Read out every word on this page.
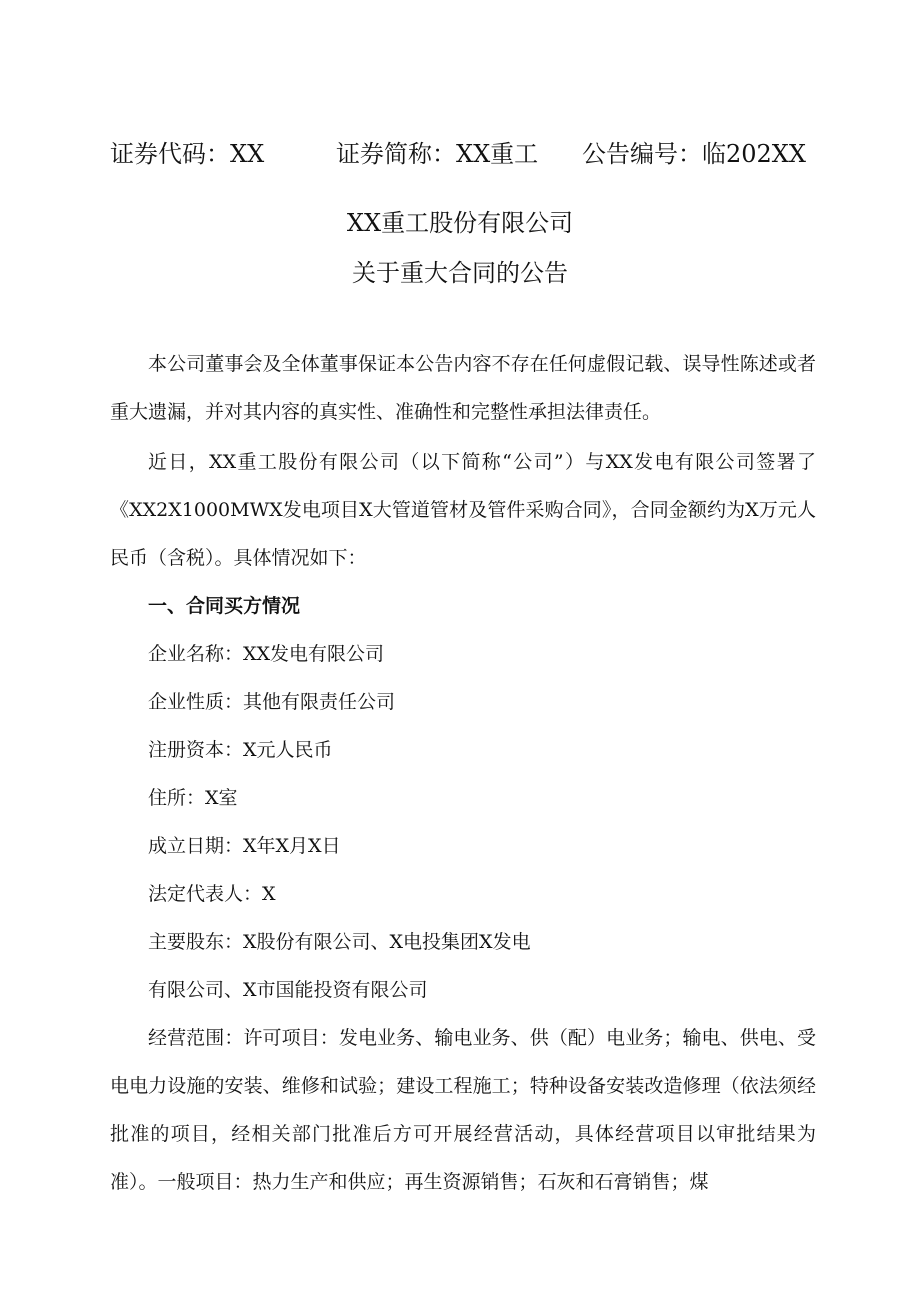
证券代码：XX	证券简称：XX重工 公告编号：临202XX
XX重工股份有限公司
关于重大合同的公告

本公司董事会及全体董事保证本公告内容不存在任何虚假记载、误导性陈述或者重大遗漏，并对其内容的真实性、准确性和完整性承担法律责任。

近日，XX重工股份有限公司（以下简称“公司”）与XX发电有限公司签署了《XX2X1000MWX发电项目X大管道管材及管件采购合同》，合同金额约为X万元人民币（含税）。具体情况如下：

一、合同买方情况

企业名称：XX发电有限公司

企业性质：其他有限责任公司

注册资本：X元人民币

住所：X室

成立日期：X年X月X日

法定代表人：X

主要股东：X股份有限公司、X电投集团X发电

有限公司、X市国能投资有限公司

经营范围：许可项目：发电业务、输电业务、供（配）电业务；输电、供电、受电电力设施的安装、维修和试验；建设工程施工；特种设备安装改造修理（依法须经批准的项目，经相关部门批准后方可开展经营活动，具体经营项目以审批结果为准）。一般项目：热力生产和供应；再生资源销售；石灰和石膏销售；煤
